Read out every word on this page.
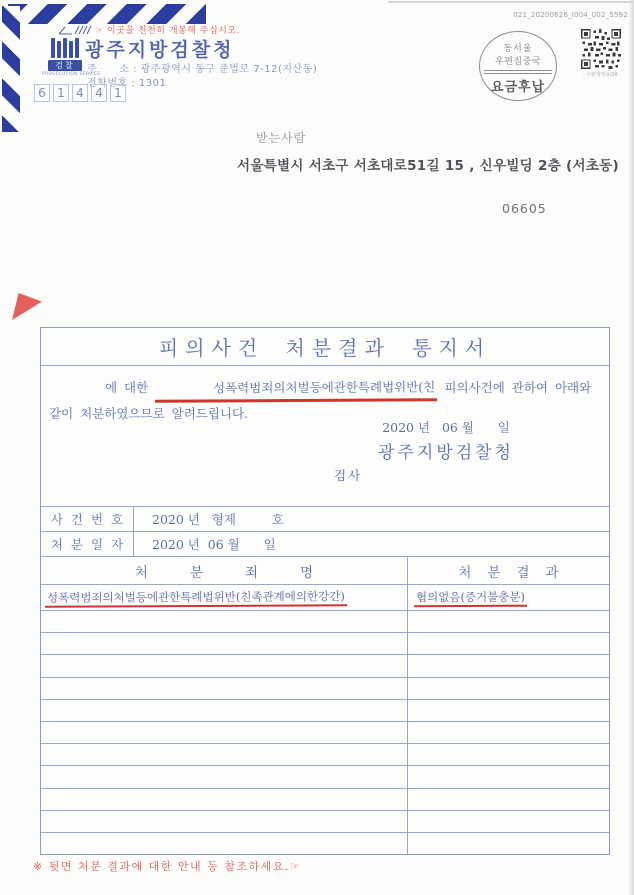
☞ 이곳을 천천히 개봉해 주십시오.
검찰
PROSECUTION SERVICE
광주지방검찰청
주      소 : 광주광역시 동구 준법로 7-12(지산동)
전화번호 : 1301
6 1 4 4 1
021_20200626_I004_002_5592
동서울
우편집중국
요금후납
- 우편제작용QR -
받는사람
서울특별시 서초구 서초대로51길 15 , 신우빌딩 2층 (서초동)
06605
피의사건 처분결과 통지서
에 대한	성폭력범죄의처벌등에관한특례법위반(친 피의사건에 관하여 아래와
같이 처분하였으므로 알려드립니다.
2020 년   06 월      일
광주지방검찰청
검사
사건번호	2020 년   형제         호
처분일자	2020 년  06 월      일
처분죄명	처분결과
성폭력범죄의처벌등에관한특례법위반(친족관계에의한강간)	혐의없음(증거불충분)
※ 뒷면 처분 결과에 대한 안내 등 참조하세요.☞
